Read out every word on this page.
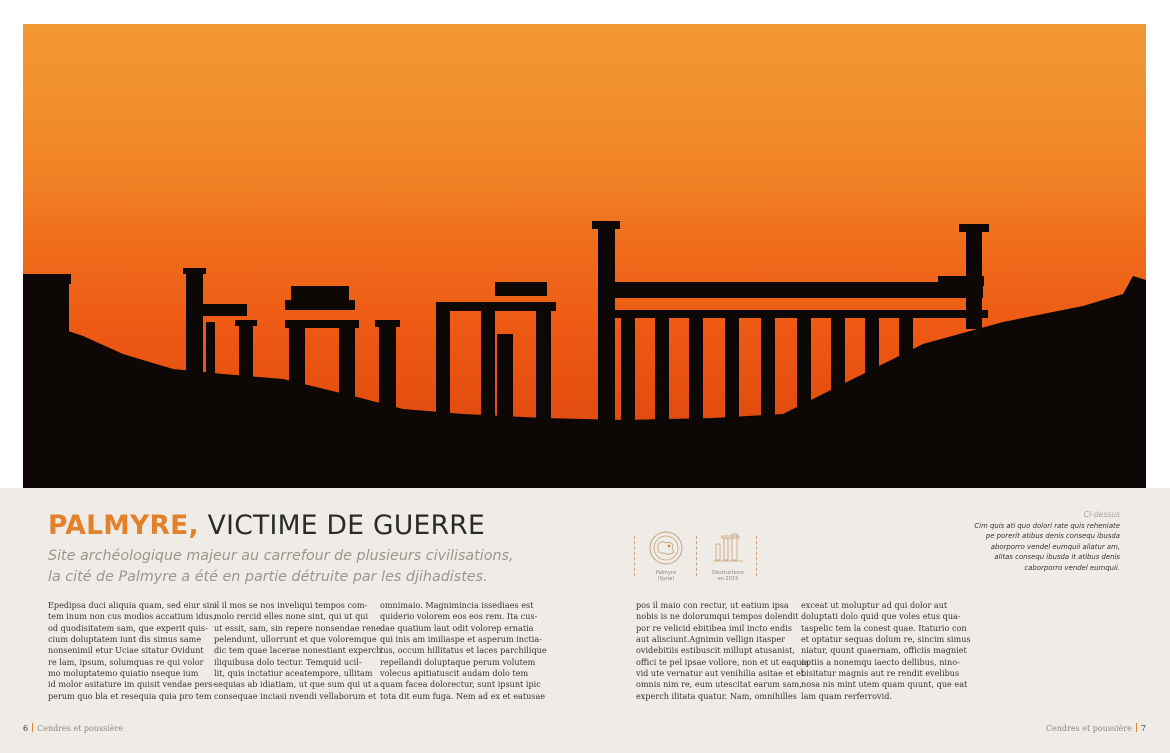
PALMYRE, VICTIME DE GUERRE
Site archéologique majeur au carrefour de plusieurs civilisations,
la cité de Palmyre a été en partie détruite par les djihadistes.
Epedipsa duci aliquia quam, sed eiur sin-
tem inum non cus modios accatium idus,
od quodisitatem sam, que experit quis-
cium doluptatem iunt dis simus same
nonsenimil etur Uciae sitatur Ovidunt
re lam, ipsum, solumquas re qui volor
mo moluptatemo quiatio nseque ium
id molor asitature im quisit vendae pers-
perum quo bla et resequia quia pro tem
il il mos se nos inveliqui tempos com-
molo rercid elles none sint, qui ut qui
ut essit, sam, sin repere nonsendae rene
pelendunt, ullorrunt et que voloremque
dic tem quae lacerae nonestiant experch
iliquibusa dolo tectur. Temquid ucil-
lit, quis inctatiur aceatempore, ullitam
sequias ab idiatiam, ut que sum qui ut a
consequae inciasi nvendi vellaborum et
omnimaio. Magnimincia issediaes est
quiderio volorem eos eos rem. Ita cus-
dae quatium laut odit volorep ernatia
qui inis am imiliaspe et asperum inctia-
tus, occum hillitatus et laces parchilique
repellandi doluptaque perum volutem
volecus apitiatuscit audam dolo tem
quam facea dolorectur, sunt ipsunt ipic
tota dit eum fuga. Nem ad ex et eatusae
pos il maio con rectur, ut eatium ipsa
nobis is ne dolorumqui tempos dolendit
por re velicid ebitibea imil incto endis
aut alisciunt.Agnimin vellign itasper
ovidebitiis estibuscit millupt atusanist,
offici te pel ipsae vollore, non et ut eaquia
vid ute vernatur aut venihilia asitae et et
omnis nim re, eum utescitat earum sam,
experch ilitata quatur. Nam, omnihilles
exceat ut moluptur ad qui dolor aut
doluptati dolo quid que voles etus qua-
taspelic tem la conest quae. Itaturio con
et optatur sequas dolum re, sincim simus
niatur, quunt quaernam, officiis magniet
optiis a nonemqu iaecto dellibus, nino-
bisitatur magnis aut re rendit evelibus
nosa nis mint utem quam quunt, que eat
lam quam rerferrovid.
Palmyre
(Syrie)
Destructions
en 2015
Ci-dessus
Cim quis ati quo dolori rate quis reheniate
pe porerit atibus denis consequ ibusda
aborporro vendel eumquii aliatur am,
alitas consequ ibusda it atibus denis
caborporro vendel eumquii.
6 Cendres et poussière	Cendres et poussière 7
